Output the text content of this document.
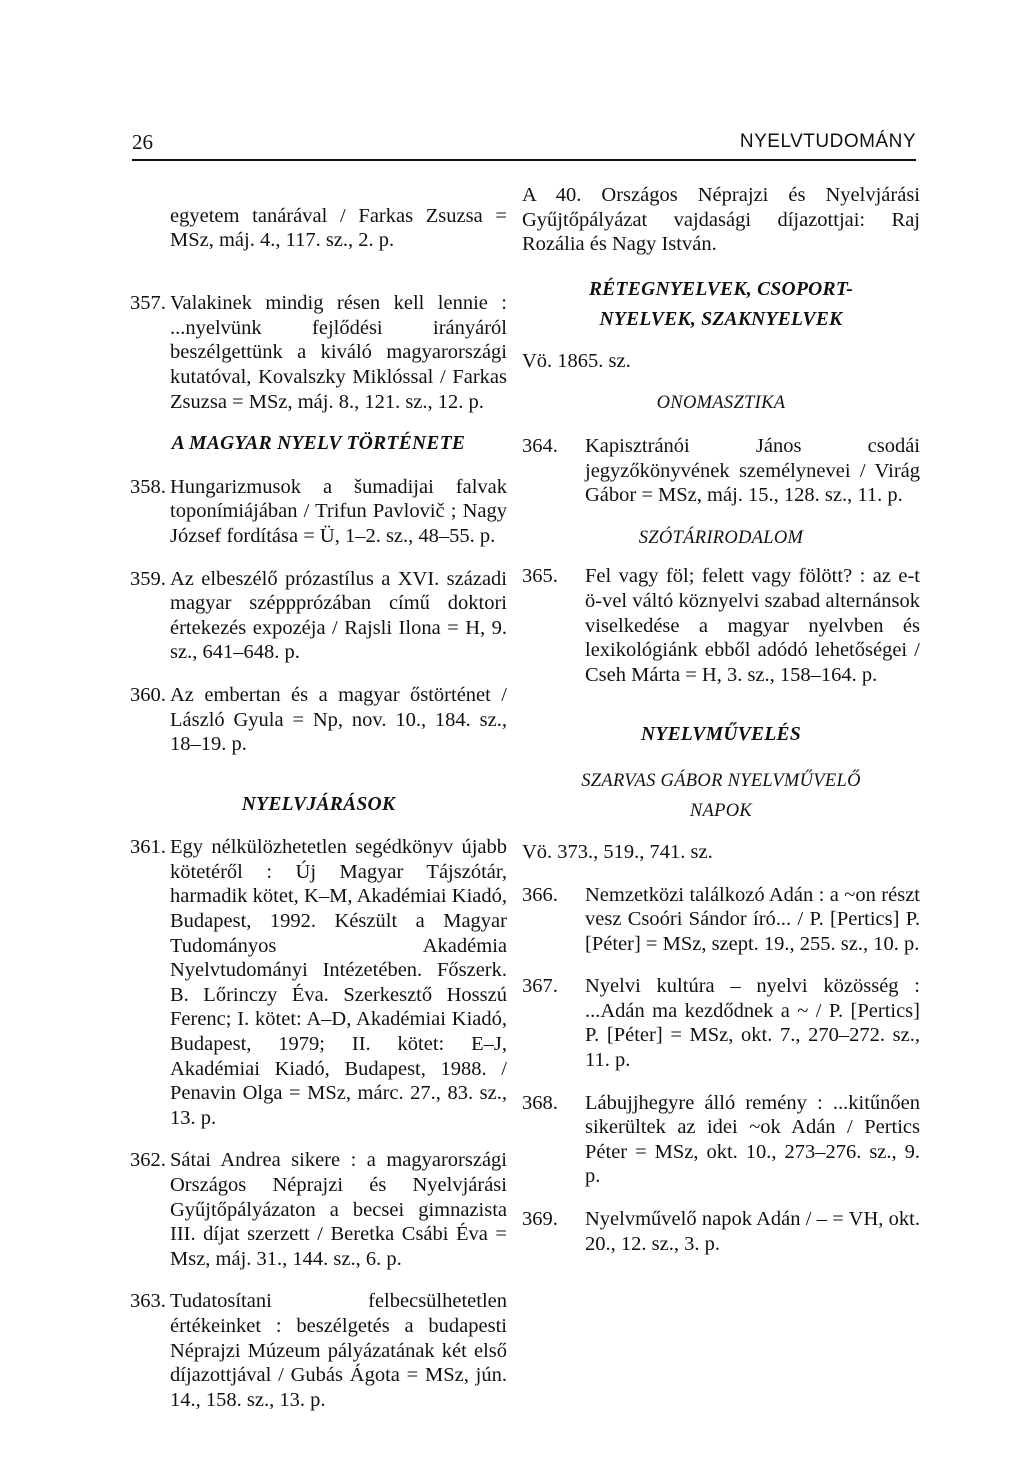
26	NYELVTUDOMÁNY

egyetem tanárával / Farkas Zsuzsa = MSz, máj. 4., 117. sz., 2. p.

357. Valakinek mindig résen kell lennie : ...nyelvünk fejlődési irányáról beszélgettünk a kiváló magyarországi kutatóval, Kovalszky Miklóssal / Farkas Zsuzsa = MSz, máj. 8., 121. sz., 12. p.

A MAGYAR NYELV TÖRTÉNETE

358. Hungarizmusok a šumadijai falvak toponímiájában / Trifun Pavlovič ; Nagy József fordítása = Ü, 1–2. sz., 48–55. p.
359. Az elbeszélő prózastílus a XVI. századi magyar széppprózában című doktori értekezés expozéja / Rajsli Ilona = H, 9. sz., 641–648. p.
360. Az embertan és a magyar őstörténet / László Gyula = Np, nov. 10., 184. sz., 18–19. p.

NYELVJÁRÁSOK

361. Egy nélkülözhetetlen segédkönyv újabb kötetéről : Új Magyar Tájszótár, harmadik kötet, K–M, Akadémiai Kiadó, Budapest, 1992. Készült a Magyar Tudományos Akadémia Nyelvtudományi Intézetében. Főszerk. B. Lőrinczy Éva. Szerkesztő Hosszú Ferenc; I. kötet: A–D, Akadémiai Kiadó, Budapest, 1979; II. kötet: E–J, Akadémiai Kiadó, Budapest, 1988. / Penavin Olga = MSz, márc. 27., 83. sz., 13. p.
362. Sátai Andrea sikere : a magyarországi Országos Néprajzi és Nyelvjárási Gyűjtőpályázaton a becsei gimnazista III. díjat szerzett / Beretka Csábi Éva = Msz, máj. 31., 144. sz., 6. p.
363. Tudatosítani felbecsülhetetlen értékeinket : beszélgetés a budapesti Néprajzi Múzeum pályázatának két első díjazottjával / Gubás Ágota = MSz, jún. 14., 158. sz., 13. p.

A 40. Országos Néprajzi és Nyelvjárási Gyűjtőpályázat vajdasági díjazottjai: Raj Rozália és Nagy István.

RÉTEGNYELVEK, CSOPORT-

NYELVEK, SZAKNYELVEK

Vö. 1865. sz.

ONOMASZTIKA

364. Kapisztránói János csodái jegyzőkönyvének személynevei / Virág Gábor = MSz, máj. 15., 128. sz., 11. p.

SZÓTÁRIRODALOM

365. Fel vagy föl; felett vagy fölött? : az e-t ö-vel váltó köznyelvi szabad alternánsok viselkedése a magyar nyelvben és lexikológiánk ebből adódó lehetőségei / Cseh Márta = H, 3. sz., 158–164. p.

NYELVMŰVELÉS

SZARVAS GÁBOR NYELVMŰVELŐ

NAPOK

Vö. 373., 519., 741. sz.

366. Nemzetközi találkozó Adán : a ~on részt vesz Csoóri Sándor író... / P. [Pertics] P. [Péter] = MSz, szept. 19., 255. sz., 10. p.
367. Nyelvi kultúra – nyelvi közösség : ...Adán ma kezdődnek a ~ / P. [Pertics] P. [Péter] = MSz, okt. 7., 270–272. sz., 11. p.
368. Lábujjhegyre álló remény : ...kitűnően sikerültek az idei ~ok Adán / Pertics Péter = MSz, okt. 10., 273–276. sz., 9. p.
369. Nyelvművelő napok Adán / – = VH, okt. 20., 12. sz., 3. p.
